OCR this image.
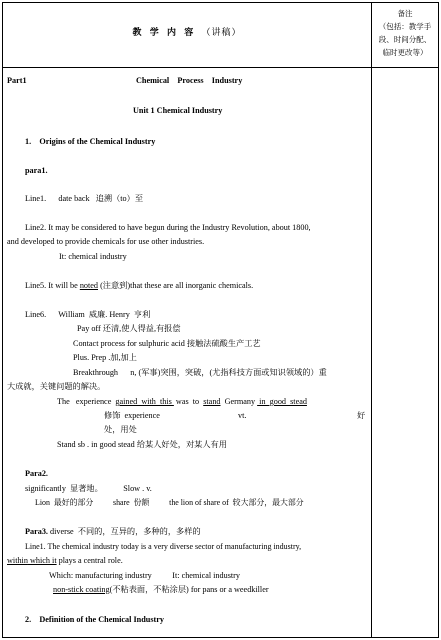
教 学 内 容 （讲稿）
备注
（包括：教学手
段、时间分配、
临时更改等）
Part1	Chemical    Process    Industry
Unit 1 Chemical Industry
1.    Origins of the Chemical Industry
para1.
Line1.      date back   追溯（to）至
Line2. It may be considered to have begun during the Industry Revolution, about 1800,
and developed to provide chemicals for use other industries.
It: chemical industry
Line5. It will be noted (注意到)that these are all inorganic chemicals.
Line6.      William  威廉. Henry  亨利
Pay off 还清,使人得益,有报偿
Contact process for sulphuric acid 接触法硫酸生产工艺
Plus. Prep .加,加上
Breakthrough      n, (军事)突围，突破，(尤指科技方面或知识领域的）重
大成就，关键问题的解决。
The   experience  gained  with  this  was  to  stand  Germany  in  good  stead
修饰  experience	vt.	好
处，用处
Stand sb . in good stead 给某人好处，对某人有用
Para2.
significantly  显著地。          Slow . v.
Lion  最好的部分          share  份额          the lion of share of  较大部分，最大部分
Para3. diverse  不同的，互异的，多种的，多样的
Line1. The chemical industry today is a very diverse sector of manufacturing industry,
within which it plays a central role.
Which: manufacturing industry          It: chemical industry
non-stick coating(不粘表面，不粘涂层) for pans or a weedkiller
2.    Definition of the Chemical Industry
